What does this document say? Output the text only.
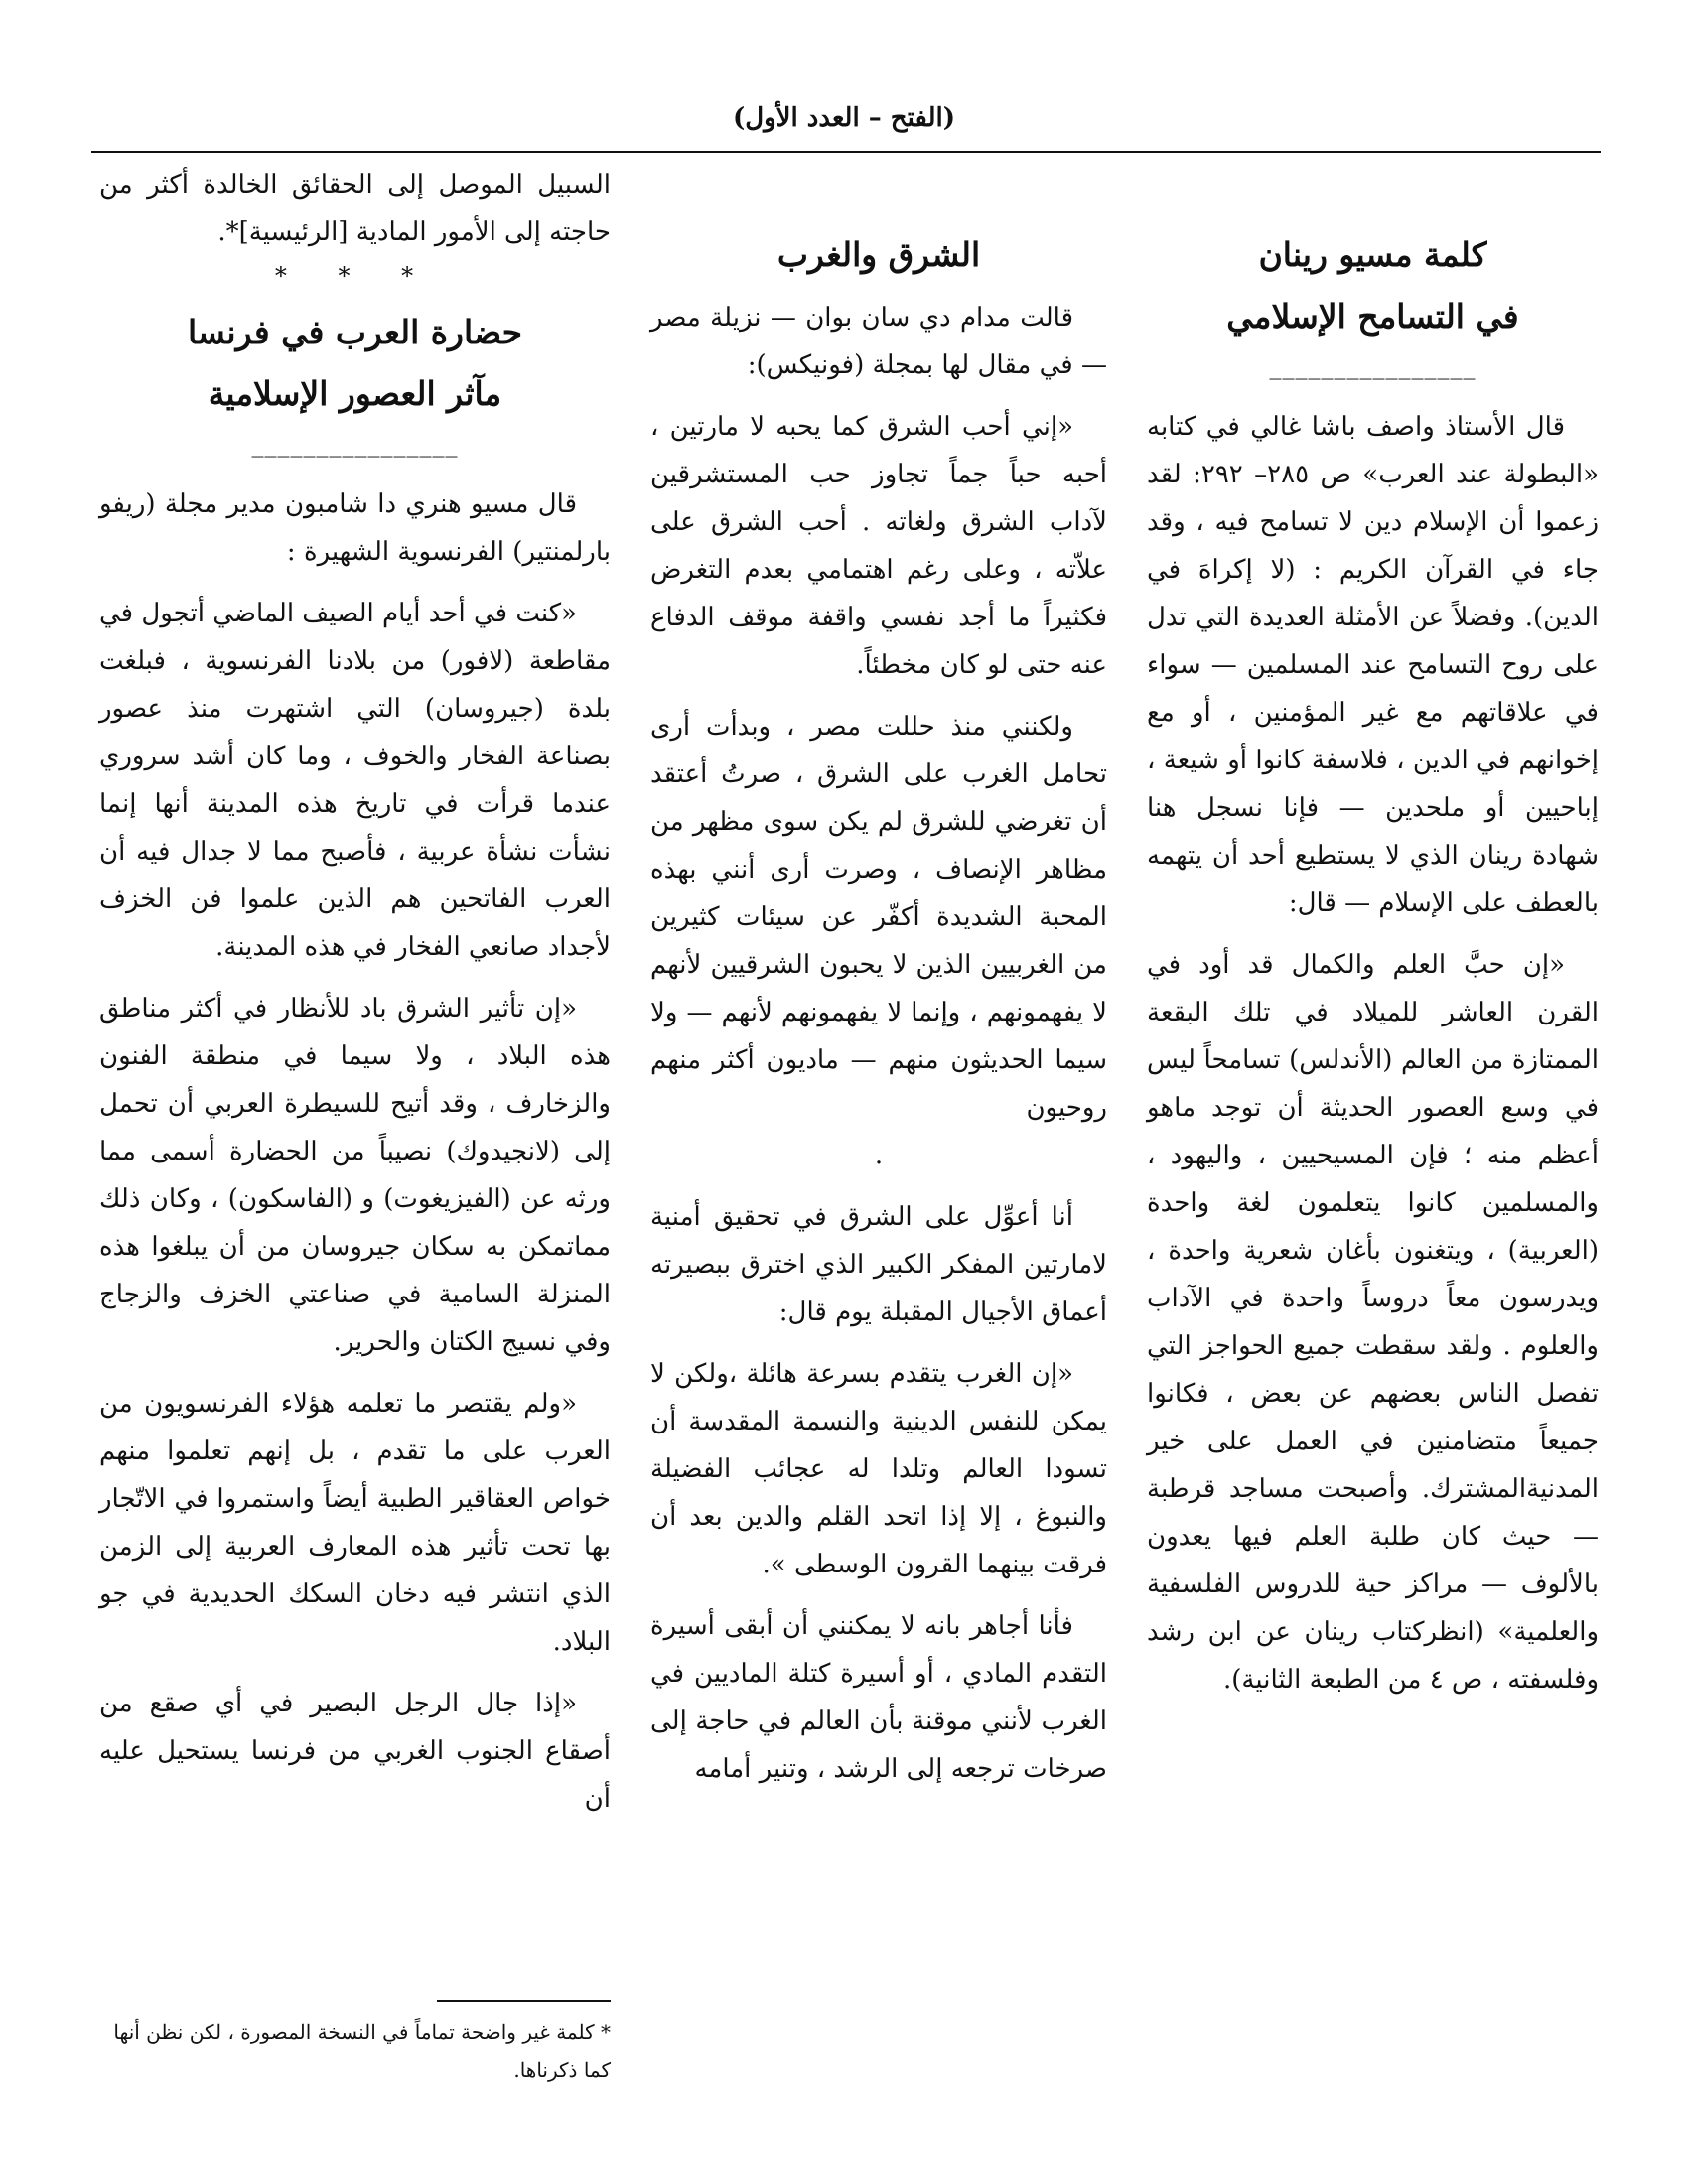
(الفتح – العدد الأول)
كلمة مسيو رينان
في التسامح الإسلامي
________________

قال الأستاذ واصف باشا غالي في كتابه «البطولة عند العرب» ص ٢٨٥– ٢٩٢: لقد زعموا أن الإسلام دين لا تسامح فيه ، وقد جاء في القرآن الكريم : (لا إكراهَ في الدين). وفضلاً عن الأمثلة العديدة التي تدل على روح التسامح عند المسلمين — سواء في علاقاتهم مع غير المؤمنين ، أو مع إخوانهم في الدين ، فلاسفة كانوا أو شيعة ، إباحيين أو ملحدين — فإنا نسجل هنا شهادة رينان الذي لا يستطيع أحد أن يتهمه بالعطف على الإسلام — قال:

«إن حبَّ العلم والكمال قد أود في القرن العاشر للميلاد في تلك البقعة الممتازة من العالم (الأندلس) تسامحاً ليس في وسع العصور الحديثة أن توجد ماهو أعظم منه ؛ فإن المسيحيين ، واليهود ، والمسلمين كانوا يتعلمون لغة واحدة (العربية) ، ويتغنون بأغان شعرية واحدة ، ويدرسون معاً دروساً واحدة في الآداب والعلوم . ولقد سقطت جميع الحواجز التي تفصل الناس بعضهم عن بعض ، فكانوا جميعاً متضامنين في العمل على خير المدنيةالمشترك. وأصبحت مساجد قرطبة — حيث كان طلبة العلم فيها يعدون بالألوف — مراكز حية للدروس الفلسفية والعلمية» (انظركتاب رينان عن ابن رشد وفلسفته ، ص ٤ من الطبعة الثانية).

الشرق والغرب

قالت مدام دي سان بوان — نزيلة مصر — في مقال لها بمجلة (فونيكس):

«إني أحب الشرق كما يحبه لا مارتين ، أحبه حباً جماً تجاوز حب المستشرقين لآداب الشرق ولغاته . أحب الشرق على علاّته ، وعلى رغم اهتمامي بعدم التغرض فكثيراً ما أجد نفسي واقفة موقف الدفاع عنه حتى لو كان مخطئاً.

ولكنني منذ حللت مصر ، وبدأت أرى تحامل الغرب على الشرق ، صرتُ أعتقد أن تغرضي للشرق لم يكن سوى مظهر من مظاهر الإنصاف ، وصرت أرى أنني بهذه المحبة الشديدة أكفّر عن سيئات كثيرين من الغربيين الذين لا يحبون الشرقيين لأنهم لا يفهمونهم ، وإنما لا يفهمونهم لأنهم — ولا سيما الحديثون منهم — ماديون أكثر منهم روحيون

.

أنا أعوِّل على الشرق في تحقيق أمنية لامارتين المفكر الكبير الذي اخترق ببصيرته أعماق الأجيال المقبلة يوم قال:

«إن الغرب يتقدم بسرعة هائلة ،ولكن لا يمكن للنفس الدينية والنسمة المقدسة أن تسودا العالم وتلدا له عجائب الفضيلة والنبوغ ، إلا إذا اتحد القلم والدين بعد أن فرقت بينهما القرون الوسطى ».

فأنا أجاهر بانه لا يمكنني أن أبقى أسيرة التقدم المادي ، أو أسيرة كتلة الماديين في الغرب لأنني موقنة بأن العالم في حاجة إلى صرخات ترجعه إلى الرشد ، وتنير أمامه

السبيل الموصل إلى الحقائق الخالدة أكثر من حاجته إلى الأمور المادية [الرئيسية]*.

* * *
حضارة العرب في فرنسا
مآثر العصور الإسلامية
________________

قال مسيو هنري دا شامبون مدير مجلة (ريفو بارلمنتير) الفرنسوية الشهيرة :

«كنت في أحد أيام الصيف الماضي أتجول في مقاطعة (لافور) من بلادنا الفرنسوية ، فبلغت بلدة (جيروسان) التي اشتهرت منذ عصور بصناعة الفخار والخوف ، وما كان أشد سروري عندما قرأت في تاريخ هذه المدينة أنها إنما نشأت نشأة عربية ، فأصبح مما لا جدال فيه أن العرب الفاتحين هم الذين علموا فن الخزف لأجداد صانعي الفخار في هذه المدينة.

«إن تأثير الشرق باد للأنظار في أكثر مناطق هذه البلاد ، ولا سيما في منطقة الفنون والزخارف ، وقد أتيح للسيطرة العربي أن تحمل إلى (لانجيدوك) نصيباً من الحضارة أسمى مما ورثه عن (الفيزيغوت) و (الفاسكون) ، وكان ذلك مماتمكن به سكان جيروسان من أن يبلغوا هذه المنزلة السامية في صناعتي الخزف والزجاج وفي نسيج الكتان والحرير.

«ولم يقتصر ما تعلمه هؤلاء الفرنسويون من العرب على ما تقدم ، بل إنهم تعلموا منهم خواص العقاقير الطبية أيضاً واستمروا في الاتّجار بها تحت تأثير هذه المعارف العربية إلى الزمن الذي انتشر فيه دخان السكك الحديدية في جو البلاد.

«إذا جال الرجل البصير في أي صقع من أصقاع الجنوب الغربي من فرنسا يستحيل عليه أن

* كلمة غير واضحة تماماً في النسخة المصورة ، لكن نظن أنها كما ذكرناها.
